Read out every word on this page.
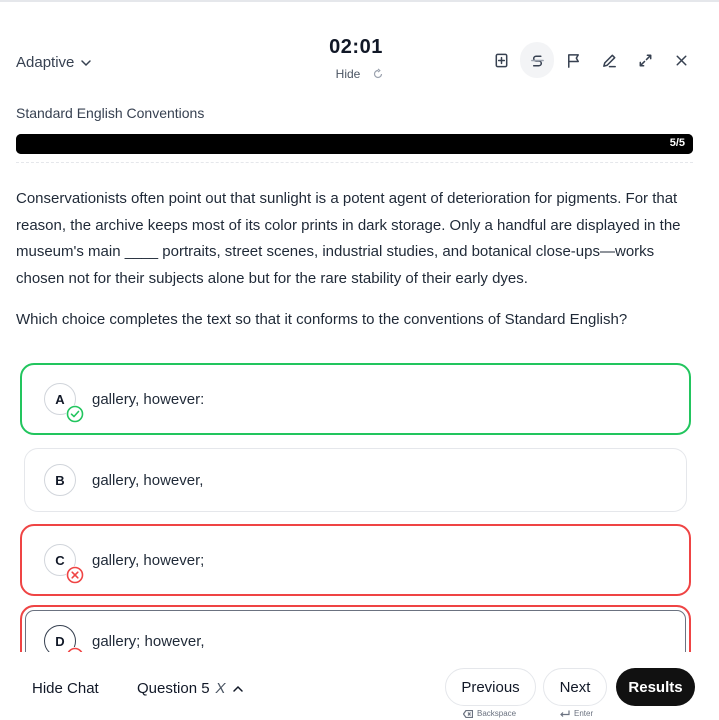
Adaptive
02:01
Hide
Standard English Conventions
5/5

Conservationists often point out that sunlight is a potent agent of deterioration for pigments. For that reason, the archive keeps most of its color prints in dark storage. Only a handful are displayed in the museum's main ____ portraits, street scenes, industrial studies, and botanical close-ups—works chosen not for their subjects alone but for the rare stability of their early dyes.

Which choice completes the text so that it conforms to the conventions of Standard English?

A gallery, however:
B gallery, however,
C gallery, however;
D gallery; however,
Hide Chat	Question 5 X	Previous
Backspace
Next
Enter
Results
